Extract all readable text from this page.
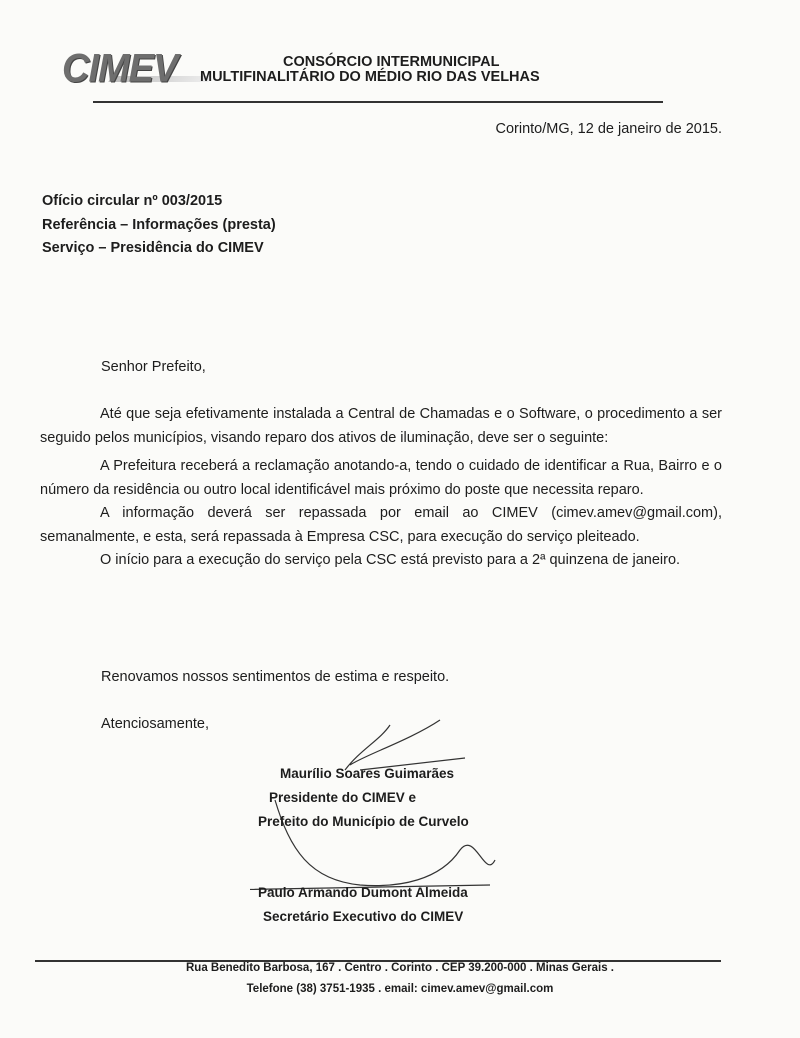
CIMEV	CONSÓRCIO INTERMUNICIPAL
MULTIFINALITÁRIO DO MÉDIO RIO DAS VELHAS
Corinto/MG, 12 de janeiro de 2015.
Ofício circular nº 003/2015
Referência – Informações (presta)
Serviço – Presidência do CIMEV
Senhor Prefeito,

Até que seja efetivamente instalada a Central de Chamadas e o Software, o procedimento a ser seguido pelos municípios, visando reparo dos ativos de iluminação, deve ser o seguinte:

A Prefeitura receberá a reclamação anotando-a, tendo o cuidado de identificar a Rua, Bairro e o número da residência ou outro local identificável mais próximo do poste que necessita reparo.

A informação deverá ser repassada por email ao CIMEV (cimev.amev@gmail.com), semanalmente, e esta, será repassada à Empresa CSC, para execução do serviço pleiteado.

O início para a execução do serviço pela CSC está previsto para a 2ª quinzena de janeiro.

Renovamos nossos sentimentos de estima e respeito.
Atenciosamente,
Maurílio Soares Guimarães
Presidente do CIMEV e
Prefeito do Município de Curvelo
Paulo Armando Dumont Almeida
Secretário Executivo do CIMEV
Rua Benedito Barbosa, 167 . Centro . Corinto . CEP 39.200-000 . Minas Gerais .
Telefone (38) 3751-1935 . email: cimev.amev@gmail.com
